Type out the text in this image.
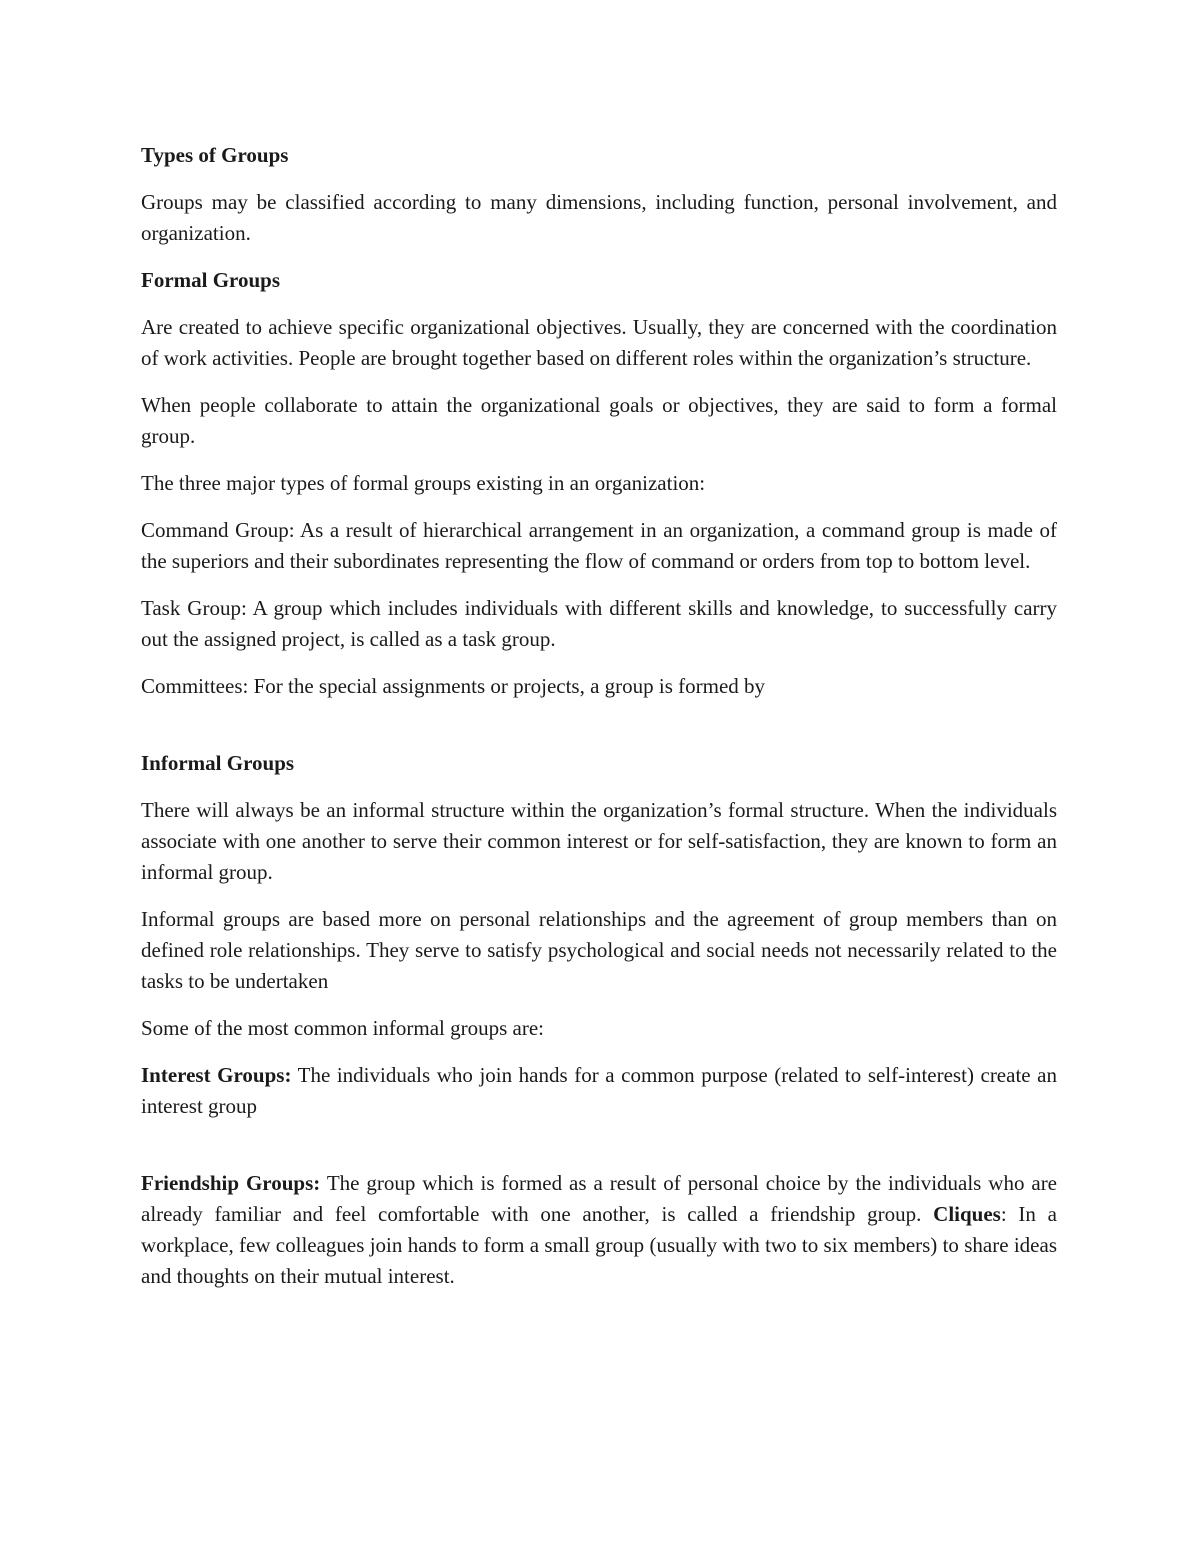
Types of Groups

Groups may be classified according to many dimensions, including function, personal involvement, and organization.

Formal Groups

Are created to achieve specific organizational objectives. Usually, they are concerned with the coordination of work activities. People are brought together based on different roles within the organization’s structure.

When people collaborate to attain the organizational goals or objectives, they are said to form a formal group.

The three major types of formal groups existing in an organization:

Command Group: As a result of hierarchical arrangement in an organization, a command group is made of the superiors and their subordinates representing the flow of command or orders from top to bottom level.

Task Group: A group which includes individuals with different skills and knowledge, to successfully carry out the assigned project, is called as a task group.

Committees: For the special assignments or projects, a group is formed by

Informal Groups

There will always be an informal structure within the organization’s formal structure. When the individuals associate with one another to serve their common interest or for self-satisfaction, they are known to form an informal group.

Informal groups are based more on personal relationships and the agreement of group members than on defined role relationships. They serve to satisfy psychological and social needs not necessarily related to the tasks to be undertaken

Some of the most common informal groups are:

Interest Groups: The individuals who join hands for a common purpose (related to self-interest) create an interest group

Friendship Groups: The group which is formed as a result of personal choice by the individuals who are already familiar and feel comfortable with one another, is called a friendship group. Cliques: In a workplace, few colleagues join hands to form a small group (usually with two to six members) to share ideas and thoughts on their mutual interest.
